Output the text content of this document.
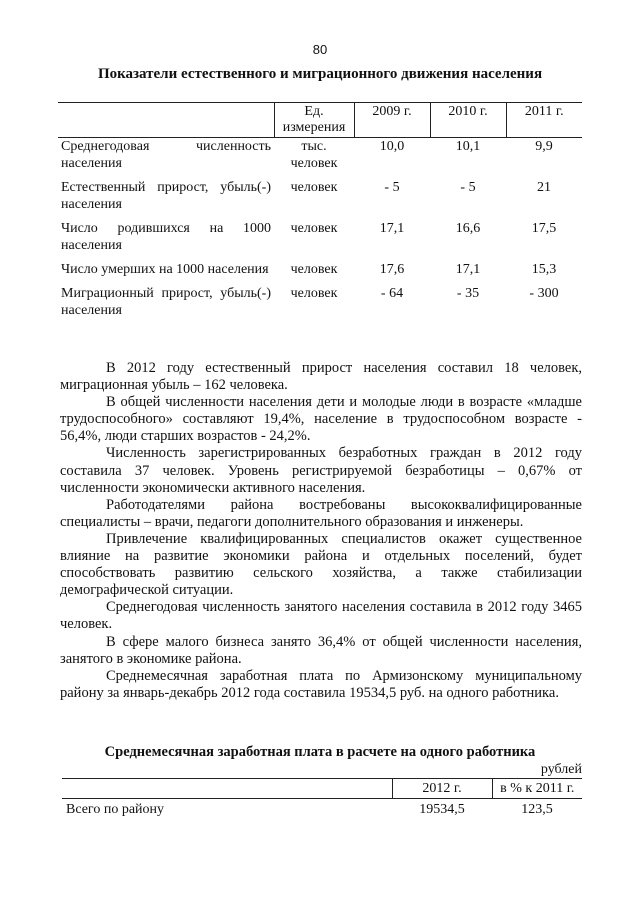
80
Показатели естественного и миграционного движения населения
	Ед. измерения	2009 г.	2010 г.	2011 г.
Среднегодовая численность населения	тыс. человек	10,0	10,1	9,9
Естественный прирост, убыль(-) населения	человек	- 5	- 5	21
Число родившихся на 1000 населения	человек	17,1	16,6	17,5
Число умерших на 1000 населения	человек	17,6	17,1	15,3
Миграционный прирост, убыль(-) населения	человек	- 64	- 35	- 300

В 2012 году естественный прирост населения составил 18 человек, миграционная убыль – 162 человека.

В общей численности населения дети и молодые люди в возрасте «младше трудоспособного» составляют 19,4%, население в трудоспособном возрасте - 56,4%, люди старших возрастов - 24,2%.

Численность зарегистрированных безработных граждан в 2012 году составила 37 человек. Уровень регистрируемой безработицы – 0,67% от численности экономически активного населения.

Работодателями района востребованы высококвалифицированные специалисты – врачи, педагоги дополнительного образования и инженеры.

Привлечение квалифицированных специалистов окажет существенное влияние на развитие экономики района и отдельных поселений, будет способствовать развитию сельского хозяйства, а также стабилизации демографической ситуации.

Среднегодовая численность занятого населения составила в 2012 году 3465 человек.

В сфере малого бизнеса занято 36,4% от общей численности населения, занятого в экономике района.

Среднемесячная заработная плата по Армизонскому муниципальному району за январь-декабрь 2012 года составила 19534,5 руб. на одного работника.

Среднемесячная заработная плата в расчете на одного работника
рублей
	2012 г.	в % к 2011 г.
Всего по району	19534,5	123,5
